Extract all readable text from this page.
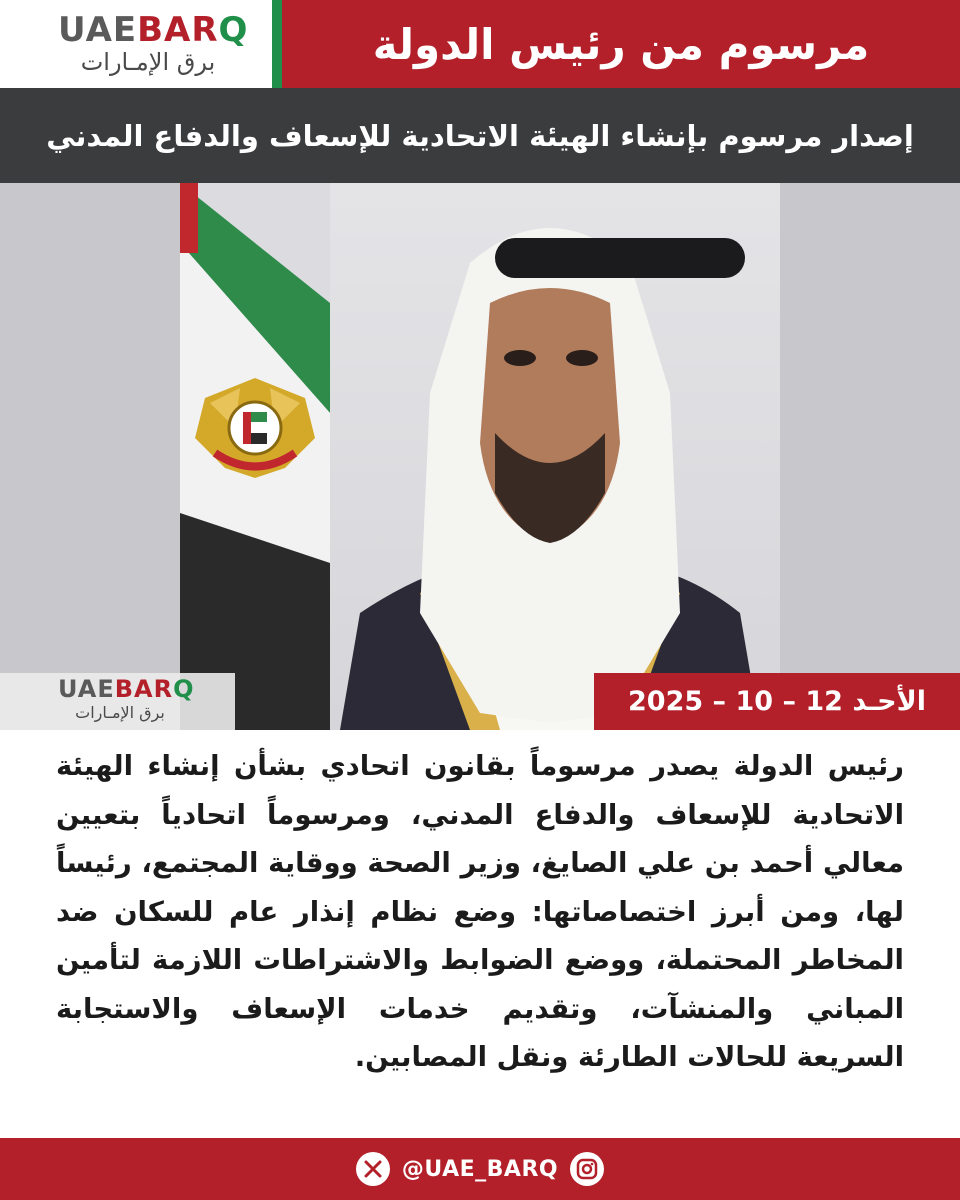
UAEBARQ
برق الإمـارات	مرسوم من رئيس الدولة
إصدار مرسوم بإنشاء الهيئة الاتحادية للإسعاف والدفاع المدني
UAEBARQ
برق الإمـارات	الأحـد 12 – 10 – 2025

رئيس الدولة يصدر مرسوماً بقانون اتحادي بشأن إنشاء الهيئة الاتحادية للإسعاف والدفاع المدني، ومرسوماً اتحادياً بتعيين معالي أحمد بن علي الصايغ، وزير الصحة ووقاية المجتمع، رئيساً لها، ومن أبرز اختصاصاتها: وضع نظام إنذار عام للسكان ضد المخاطر المحتملة، ووضع الضوابط والاشتراطات اللازمة لتأمين المباني والمنشآت، وتقديم خدمات الإسعاف والاستجابة السريعة للحالات الطارئة ونقل المصابين.

@UAE_BARQ
